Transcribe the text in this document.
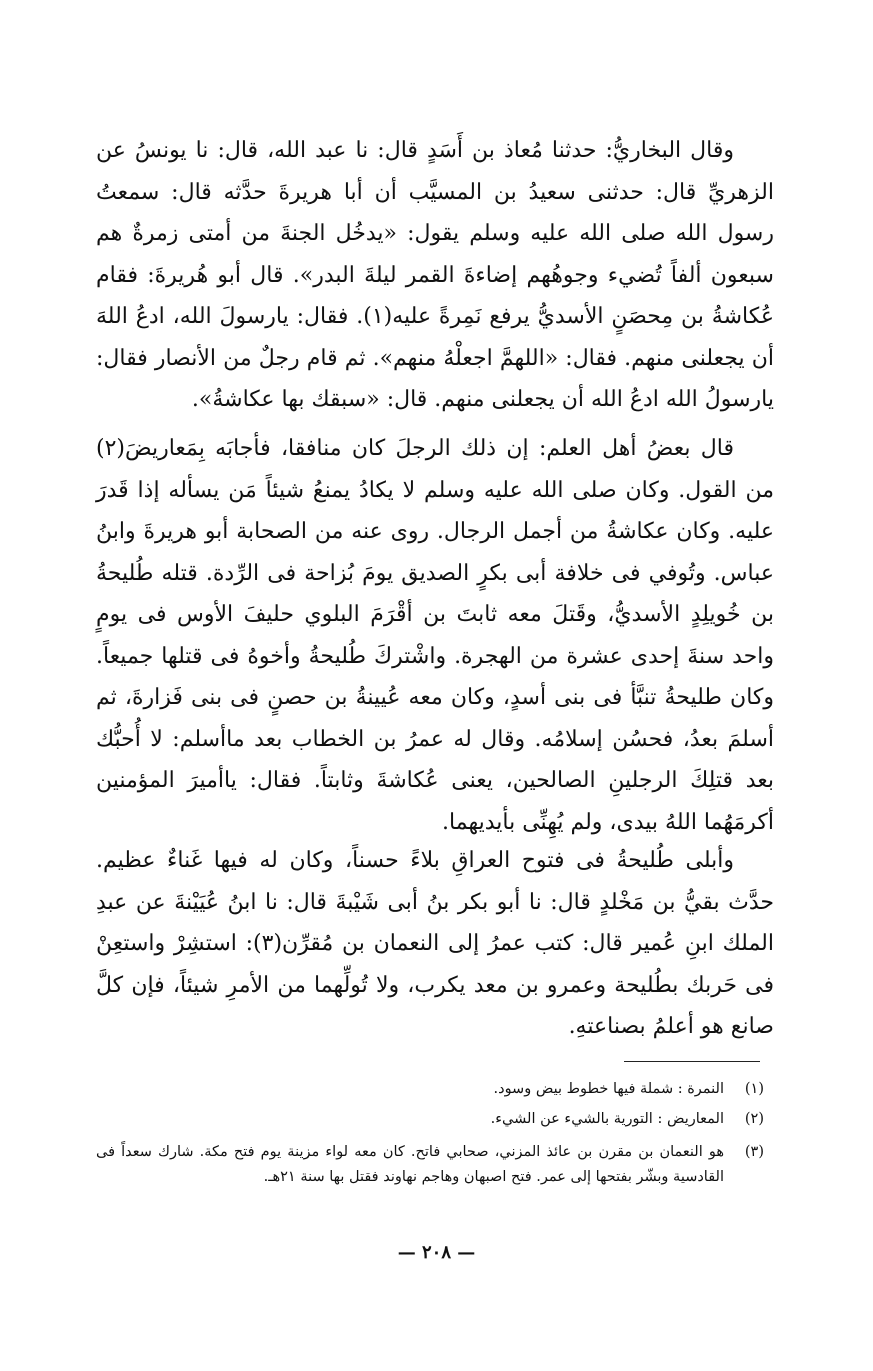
وقال البخاريُّ: حدثنا مُعاذ بن أَسَدٍ قال: نا عبد الله، قال: نا يونسُ عن الزهريِّ قال: حدثنى سعيدُ بن المسيَّب أن أبا هريرةَ حدَّثه قال: سمعتُ رسول الله صلى الله عليه وسلم يقول: «يدخُل الجنةَ من أمتى زمرةٌ هم سبعون ألفاً تُضيء وجوهُهم إضاءةَ القمر ليلةَ البدر». قال أبو هُريرةَ: فقام عُكاشةُ بن مِحصَنٍ الأسديُّ يرفع نَمِرةً عليه(١). فقال: يارسولَ الله، ادعُ اللهَ أن يجعلنى منهم. فقال: «اللهمَّ اجعلْهُ منهم». ثم قام رجلٌ من الأنصار فقال: يارسولُ الله ادعُ الله أن يجعلنى منهم. قال: «سبقك بها عكاشةُ».

قال بعضُ أهل العلم: إن ذلك الرجلَ كان منافقا، فأجابَه بِمَعاريضَ(٢) من القول. وكان صلى الله عليه وسلم لا يكادُ يمنعُ شيئاً مَن يسأله إذا قَدرَ عليه. وكان عكاشةُ من أجمل الرجال. روى عنه من الصحابة أبو هريرةَ وابنُ عباس. وتُوفي فى خلافة أبى بكرٍ الصديق يومَ بُزاحة فى الرِّدة. قتله طُليحةُ بن خُويلِدٍ الأسديُّ، وقَتلَ معه ثابتَ بن أقْرَمَ البلوي حليفَ الأوس فى يومٍ واحد سنةَ إحدى عشرة من الهجرة. واشْتركَ طُليحةُ وأخوهُ فى قتلها جميعاً. وكان طليحةُ تنبَّأ فى بنى أسدٍ، وكان معه عُيينةُ بن حصنٍ فى بنى فَزارةَ، ثم أسلمَ بعدُ، فحسُن إسلامُه. وقال له عمرُ بن الخطاب بعد ماأسلم: لا أُحبُّك بعد قتلِكَ الرجلينِ الصالحين، يعنى عُكاشةَ وثابتاً. فقال: ياأميرَ المؤمنين أكرمَهُما اللهُ بيدى، ولم يُهِنِّى بأيديهما.

وأبلى طُليحةُ فى فتوح العراقِ بلاءً حسناً، وكان له فيها غَناءٌ عظيم. حدَّث بقيُّ بن مَخْلدٍ قال: نا أبو بكر بنُ أبى شَيْبةَ قال: نا ابنُ عُيَيْنةَ عن عبدِ الملك ابنِ عُمير قال: كتب عمرُ إلى النعمان بن مُقرِّن(٣): استشِرْ واستعِنْ فى حَربك بطُليحة وعمرو بن معد يكرب، ولا تُولِّهما من الأمرِ شيئاً، فإن كلَّ صانع هو أعلمُ بصناعتهِ.

(١)
النمرة : شملة فيها خطوط بيض وسود.
(٢)
المعاريض : التورية بالشيء عن الشيء.
(٣)
هو النعمان بن مقرن بن عائذ المزني، صحابي فاتح. كان معه لواء مزينة يوم فتح مكة. شارك سعداً فى القادسية وبشّر بفتحها إلى عمر. فتح اصبهان وهاجم نهاوند فقتل بها سنة ٢١هـ.
— ٢٠٨ —
